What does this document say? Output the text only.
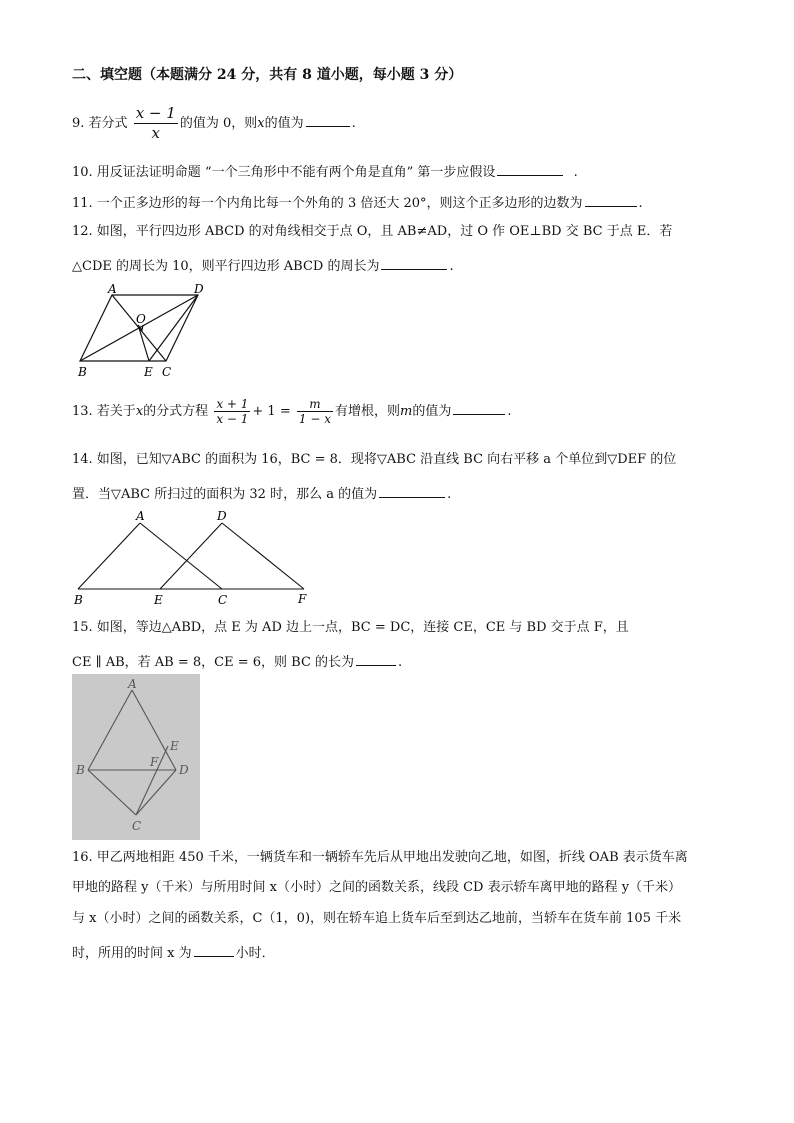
二、填空题（本题满分 24 分，共有 8 道小题，每小题 3 分）
9. 若分式 $\frac{x - 1}{x}$ 的值为 0，则x的值为	.
10. 用反证法证明命题 “一个三角形中不能有两个角是直角” 第一步应假设	.
11. 一个正多边形的每一个内角比每一个外角的 3 倍还大 20°，则这个正多边形的边数为	.
12. 如图，平行四边形 ABCD 的对角线相交于点 O，且 AB≠AD，过 O 作 OE⊥BD 交 BC 于点 E．若
△CDE 的周长为 10，则平行四边形 ABCD 的周长为	.
A	D
O
B	E C
13. 若关于x的分式方程 $\frac{x + 1}{x - 1} + 1 = \frac{m}{1 - x}$ 有增根，则m的值为	.
14. 如图，已知▽ABC 的面积为 16，BC = 8．现将▽ABC 沿直线 BC 向右平移 a 个单位到▽DEF 的位
置．当▽ABC 所扫过的面积为 32 时，那么 a 的值为	.
A	D
B	E	C	F
15. 如图，等边△ABD，点 E 为 AD 边上一点，BC = DC，连接 CE，CE 与 BD 交于点 F，且
CE ∥ AB，若 AB = 8，CE = 6，则 BC 的长为	.
A
B
C
D
E
F
16. 甲乙两地相距 450 千米，一辆货车和一辆轿车先后从甲地出发驶向乙地，如图，折线 OAB 表示货车离
甲地的路程 y（千米）与所用时间 x（小时）之间的函数关系，线段 CD 表示轿车离甲地的路程 y（千米）
与 x（小时）之间的函数关系，C（1，0)，则在轿车追上货车后至到达乙地前，当轿车在货车前 105 千米
时，所用的时间 x 为	小时．
